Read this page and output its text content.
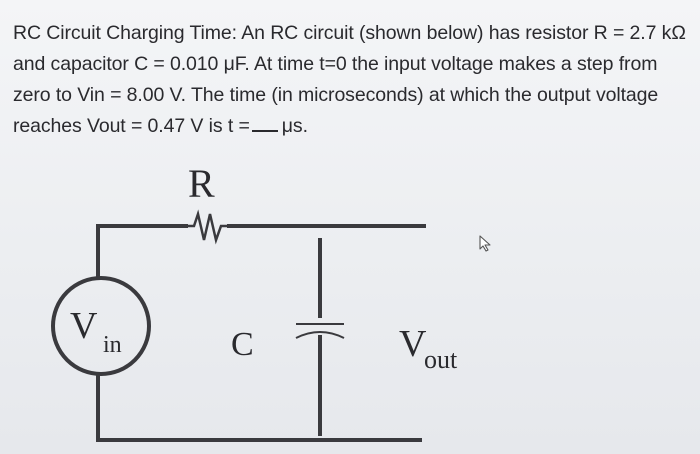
RC Circuit Charging Time: An RC circuit (shown below) has resistor R = 2.7 kΩ
and capacitor C = 0.010 μF. At time t=0 the input voltage makes a step from
zero to Vin = 8.00 V. The time (in microseconds) at which the output voltage
reaches Vout = 0.47 V is t = μs.
R
C
V in	V
out
